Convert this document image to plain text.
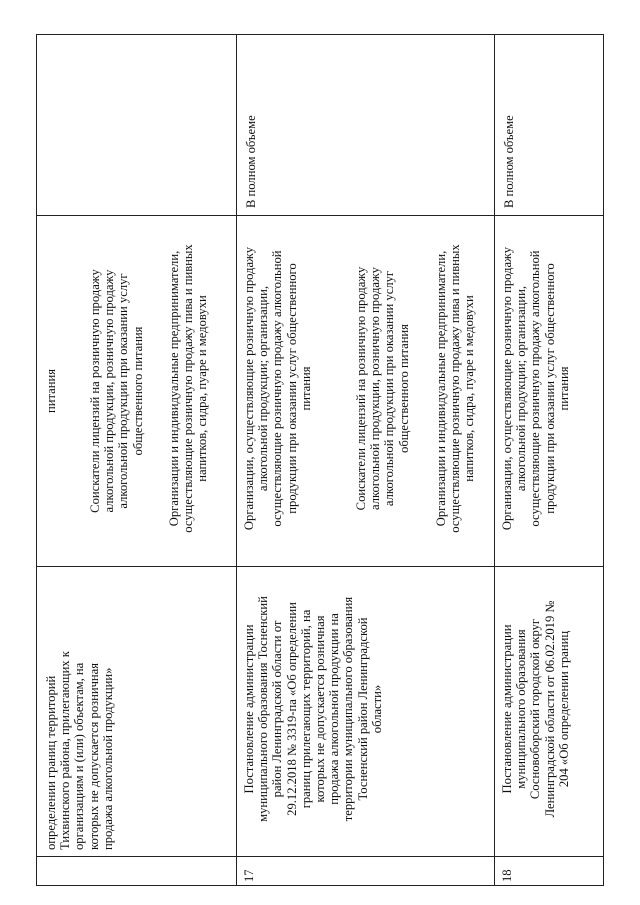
определении границ территорий
Тихвинского района, прилегающих к
организациям и (или) объектам, на
которых не допускается розничная
продажа алкогольной продукции»
питания
Соискатели лицензий на розничную продажу
алкогольной продукции, розничную продажу
алкогольной продукции при оказании услуг
общественного питания
Организации и индивидуальные предприниматели,
осуществляющие розничную продажу пива и пивных
напитков, сидра, пуаре и медовухи
17
Постановление администрации
муниципального образования Тосненский
район Ленинградской области от
29.12.2018 № 3319-па «Об определении
границ прилегающих территорий, на
которых не допускается розничная
продажа алкогольной продукции на
территории муниципального образования
Тосненский район Ленинградской
области»
Организации, осуществляющие розничную продажу
алкогольной продукции; организации,
осуществляющие розничную продажу алкогольной
продукции при оказании услуг общественного
питания
Соискатели лицензий на розничную продажу
алкогольной продукции, розничную продажу
алкогольной продукции при оказании услуг
общественного питания
Организации и индивидуальные предприниматели,
осуществляющие розничную продажу пива и пивных
напитков, сидра, пуаре и медовухи
В полном объеме
18
Постановление администрации
муниципального образования
Сосновоборский городской округ
Ленинградской области от 06.02.2019 №
204 «Об определении границ
Организации, осуществляющие розничную продажу
алкогольной продукции; организации,
осуществляющие розничную продажу алкогольной
продукции при оказании услуг общественного
питания
В полном объеме
